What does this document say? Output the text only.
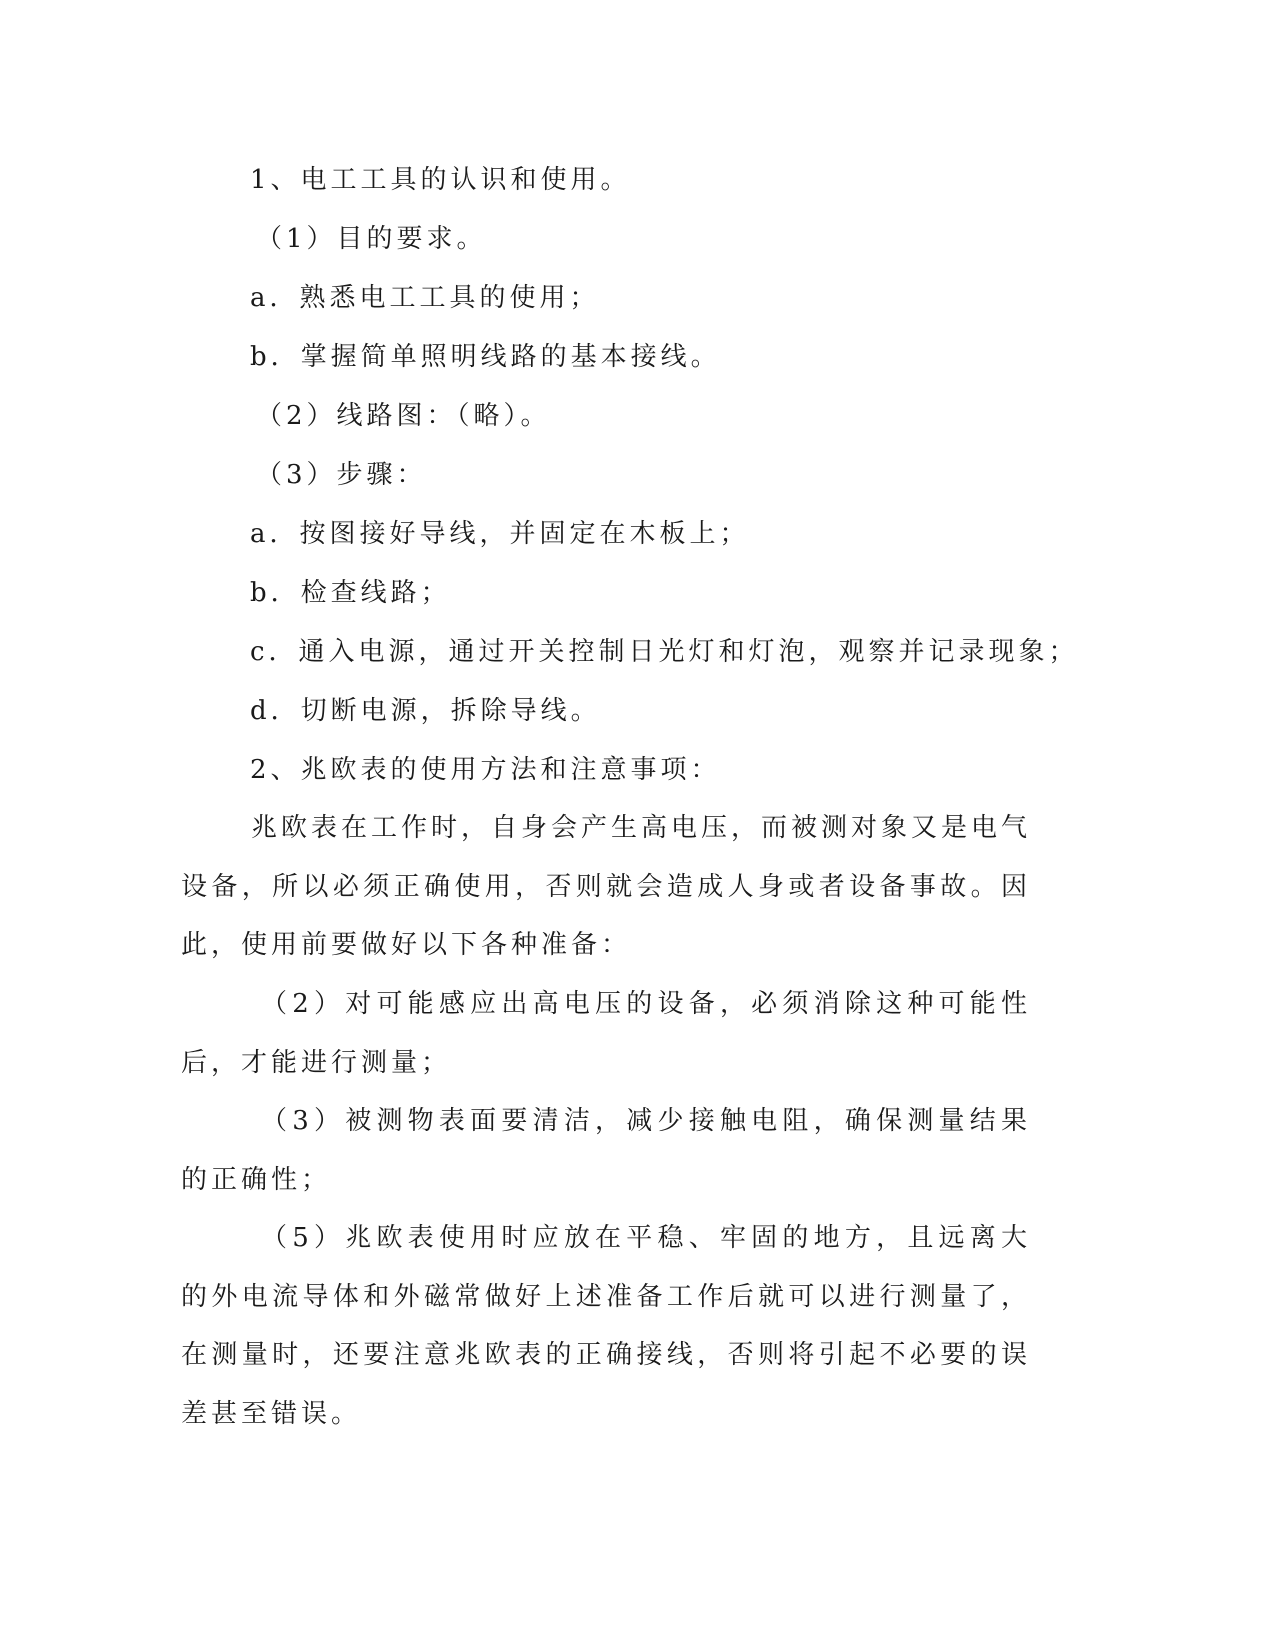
1、电工工具的认识和使用。
（1）目的要求。
a．熟悉电工工具的使用；
b．掌握简单照明线路的基本接线。
（2）线路图：（略）。
（3）步骤：
a．按图接好导线，并固定在木板上；
b．检查线路；
c．通入电源，通过开关控制日光灯和灯泡，观察并记录现象；
d．切断电源，拆除导线。
2、兆欧表的使用方法和注意事项：

兆欧表在工作时，自身会产生高电压，而被测对象又是电气设备，所以必须正确使用，否则就会造成人身或者设备事故。因此，使用前要做好以下各种准备：

（2）对可能感应出高电压的设备，必须消除这种可能性后，才能进行测量；

（3）被测物表面要清洁，减少接触电阻，确保测量结果的正确性；

（5）兆欧表使用时应放在平稳、牢固的地方，且远离大的外电流导体和外磁常做好上述准备工作后就可以进行测量了，在测量时，还要注意兆欧表的正确接线，否则将引起不必要的误差甚至错误。
